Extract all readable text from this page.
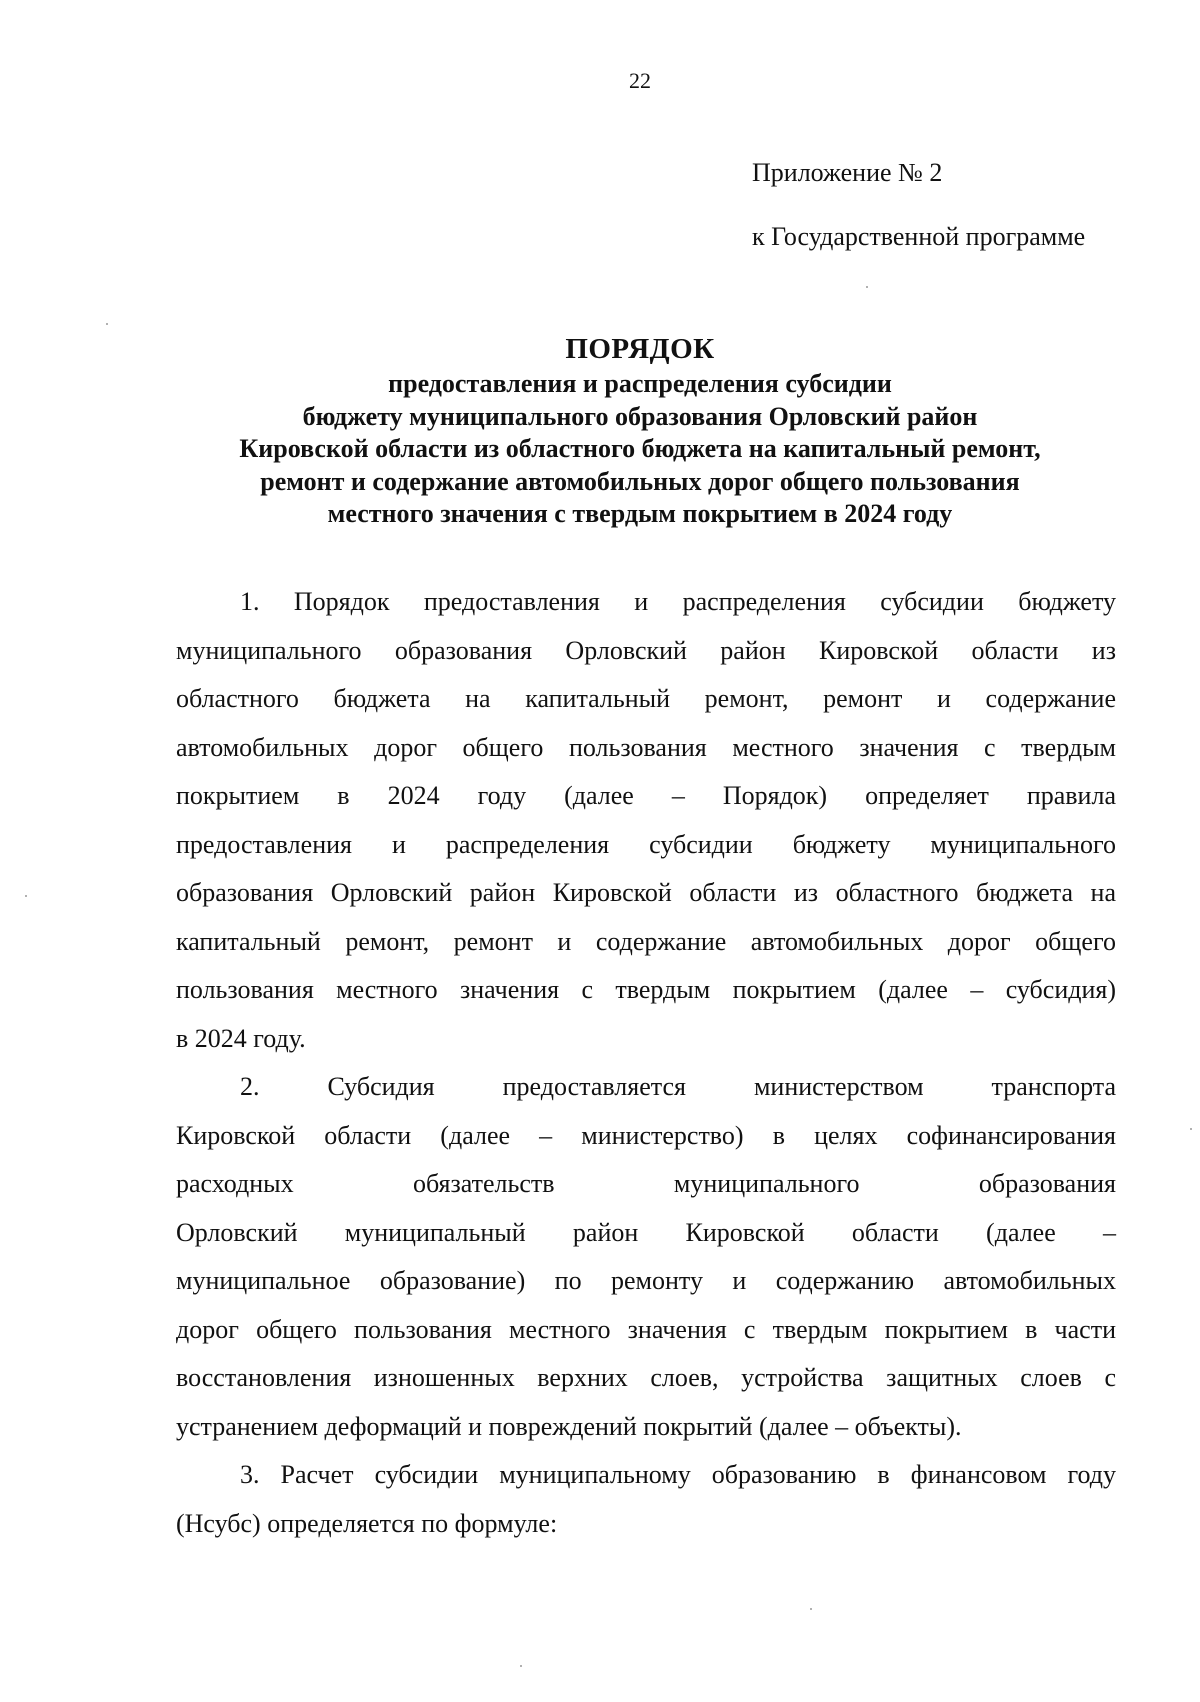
22
Приложение № 2
к Государственной программе
ПОРЯДОК
предоставления и распределения субсидии
бюджету муниципального образования Орловский район
Кировской области из областного бюджета на капитальный ремонт,
ремонт и содержание автомобильных дорог общего пользования
местного значения с твердым покрытием в 2024 году
1. Порядок предоставления и распределения субсидии бюджету
муниципального образования Орловский район Кировской области из
областного бюджета на капитальный ремонт, ремонт и содержание
автомобильных дорог общего пользования местного значения с твердым
покрытием в 2024 году (далее – Порядок) определяет правила
предоставления и распределения субсидии бюджету муниципального
образования Орловский район Кировской области из областного бюджета на
капитальный ремонт, ремонт и содержание автомобильных дорог общего
пользования местного значения с твердым покрытием (далее – субсидия)
в 2024 году.
2. Субсидия предоставляется министерством транспорта
Кировской области (далее – министерство) в целях софинансирования
расходных обязательств муниципального образования
Орловский муниципальный район Кировской области (далее –
муниципальное образование) по ремонту и содержанию автомобильных
дорог общего пользования местного значения с твердым покрытием в части
восстановления изношенных верхних слоев, устройства защитных слоев с
устранением деформаций и повреждений покрытий (далее – объекты).
3. Расчет субсидии муниципальному образованию в финансовом году
(Нсубс) определяется по формуле:
